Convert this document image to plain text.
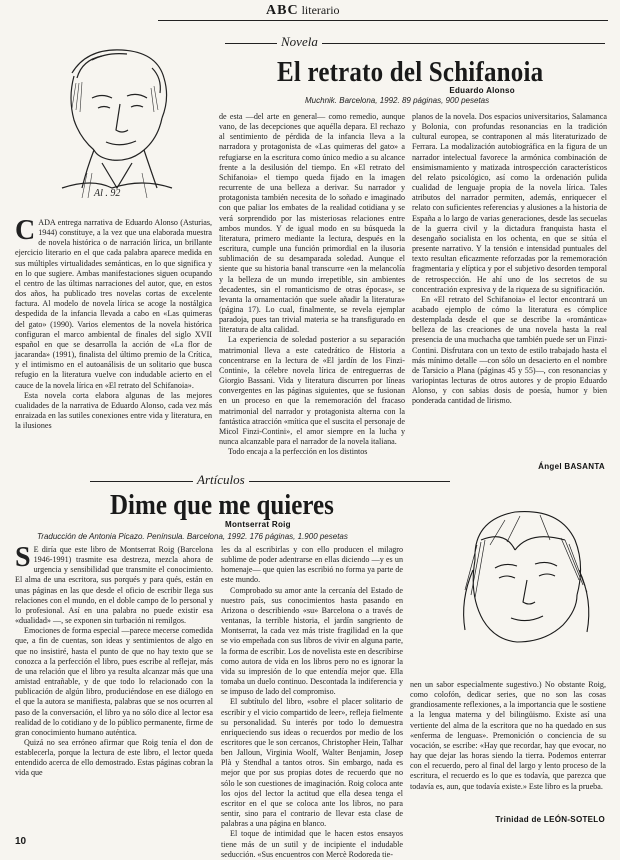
ABC literario
Novela
Al . 92
El retrato del Schifanoia
Eduardo Alonso
Muchnik. Barcelona, 1992. 89 páginas, 900 pesetas

CADA entrega narrativa de Eduardo Alonso (Asturias, 1944) constituye, a la vez que una elaborada muestra de novela histórica o de narración lírica, un brillante ejercicio literario en el que cada palabra aparece medida en sus múltiples virtualidades semánticas, en lo que significa y en lo que sugiere. Ambas manifestaciones siguen ocupando el centro de las últimas narraciones del autor, que, en estos dos años, ha publicado tres novelas cortas de excelente factura. Al modelo de novela lírica se acoge la nostálgica despedida de la infancia llevada a cabo en «Las quimeras del gato» (1990). Varios elementos de la novela histórica configuran el marco ambiental de finales del siglo XVII español en que se desarrolla la acción de «La flor de jacaranda» (1991), finalista del último premio de la Crítica, y el intimismo en el autoanálisis de un solitario que busca refugio en la literatura vuelve con indudable acierto en el cauce de la novela lírica en «El retrato del Schifanoia».

Esta novela corta elabora algunas de las mejores cualidades de la narrativa de Eduardo Alonso, cada vez más enraizada en las sutiles conexiones entre vida y literatura, en la ilusiones

de esta —del arte en general— como remedio, aunque vano, de las decepciones que aquélla depara. El rechazo al sentimiento de pérdida de la infancia lleva a la narradora y protagonista de «Las quimeras del gato» a refugiarse en la escritura como único medio a su alcance frente a la desilusión del tiempo. En «El retrato del Schifanoia» el tiempo queda fijado en la imagen recurrente de una belleza a derivar. Su narrador y protagonista también necesita de lo soñado e imaginado con que paliar los embates de la realidad cotidiana y se verá sorprendido por las misteriosas relaciones entre ambos mundos. Y de igual modo en su búsqueda la literatura, primero mediante la lectura, después en la escritura, cumple una función primordial en la ilusoria sublimación de su desamparada soledad. Aunque el siente que su historia banal transcurre «en la melancolía y la belleza de un mundo irrepetible, sin ambientes decadentes, sin el romanticismo de otras épocas», se levanta la ornamentación que suele añadir la literatura» (página 17). Lo cual, finalmente, se revela ejemplar paradoja, pues tan trivial materia se ha transfigurado en literatura de alta calidad.

La experiencia de soledad posterior a su separación matrimonial lleva a este catedrático de Historia a concentrarse en la lectura de «El jardín de los Finzi-Contini», la célebre novela lírica de entreguerras de Giorgio Bassani. Vida y literatura discurren por líneas convergentes en las páginas siguientes, que se fusionan en un proceso en que la rememoración del fracaso matrimonial del narrador y protagonista alterna con la fantástica atracción «mítica que el suscita el personaje de Micol Finzi-Contini», el amor siempre en la lucha y nunca alcanzable para el narrador de la novela italiana.

Todo encaja a la perfección en los distintos

planos de la novela. Dos espacios universitarios, Salamanca y Bolonia, con profundas resonancias en la tradición cultural europea, se contraponen al más literaturizado de Ferrara. La modalización autobiográfica en la figura de un narrador intelectual favorece la armónica combinación de ensimismamiento y matizada introspección característicos del relato psicológico, así como la ordenación pulida cualidad de lenguaje propia de la novela lírica. Tales atributos del narrador permiten, además, enriquecer el relato con suficientes referencias y alusiones a la historia de España a lo largo de varias generaciones, desde las secuelas de la guerra civil y la dictadura franquista hasta el desengaño socialista en los ochenta, en que se sitúa el presente narrativo. Y la tensión e intensidad puntuales del texto resultan eficazmente reforzadas por la rememoración fragmentaria y elíptica y por el subjetivo desorden temporal de retrospección. He ahí uno de los secretos de su concentración expresiva y de la riqueza de su significación.

En «El retrato del Schifanoia» el lector encontrará un acabado ejemplo de cómo la literatura es cómplice destemplada desde el que se describe la «romántica» belleza de las creaciones de una novela hasta la real presencia de una muchacha que también puede ser un Finzi-Contini. Disfrutara con un texto de estilo trabajado hasta el más mínimo detalle —con sólo un desacierto en el nombre de Tarsicio a Plana (páginas 45 y 55)—, con resonancias y variopintas lecturas de otros autores y de propio Eduardo Alonso, y con sabias dosis de poesía, humor y bien ponderada cantidad de lirismo.

Ángel BASANTA
Artículos
Dime que me quieres
Montserrat Roig
Traducción de Antonia Picazo. Península. Barcelona, 1992. 176 páginas, 1.900 pesetas

S E diría que este libro de Montserrat Roig (Barcelona 1946-1991) trasmite esa destreza, mezcla ahora de urgencia y sensibilidad que transmite el conocimiento. El alma de una escritora, sus porqués y para qués, están en unas páginas en las que desde el oficio de escribir llega sus relaciones con el mundo, en el doble campo de lo personal y lo profesional. Así en una palabra no puede existir esa «dualidad» —, se exponen sin turbación ni remilgos.

Emociones de forma especial —parece mecerse comedida que, a fin de cuentas, son ideas y sentimientos de algo en que no insistiré, hasta el punto de que no hay texto que se conozca a la perfección el libro, pues escribe al reflejar, más de una relación que el libro ya resulta alcanzar más que una amistad entrañable, y de que todo lo relacionado con la publicación de algún libro, produciéndose en ese diálogo en el que la autora se manifiesta, palabras que se nos ocurren al paso de la conversación, el libro ya no sólo dice al lector esa realidad de lo cotidiano y de lo público permanente, firme de gran conocimiento humano auténtica.

Quizá no sea erróneo afirmar que Roig tenía el don de establecerla, porque la lectura de este libro, el lector queda entendido acerca de ello demostrado. Estas páginas cobran la vida que

les da al escribirlas y con ello producen el milagro sublime de poder adentrarse en ellas diciendo —y es un homenaje— que quien las escribió no forma ya parte de este mundo.

Comprobado su amor ante la cercanía del Estado de nuestro país, sus conocimientos hasta pasando en Arizona o describiendo «su» Barcelona o a través de ventanas, la terrible historia, el jardín sangriento de Montserrat, la cada vez más triste fragilidad en la que se vio empeñada con sus libros de vivir en alguna parte, la forma de escribir. Los de novelista este en describirse como autora de vida en los libros pero no es ignorar la vida su impresión de lo que entendía mejor que. Ella tomaba un duelo continuo. Descontada la indiferencia y se impuso de lado del compromiso.

El subtítulo del libro, «sobre el placer solitario de escribir y el vicio compartido de leer», refleja fielmente su personalidad. Su interés por todo lo demuestra enriqueciendo sus ideas o recuerdos por medio de los escritores que le son cercanos, Christopher Hein, Talhar ben Jalloun, Virginia Woolf, Walter Benjamin, Josep Plà y Stendhal a tantos otros. Sin embargo, nada es mejor que por sus propias dotes de recuerdo que no sólo le son cuestiones de imaginación. Roig coloca ante los ojos del lector la actitud que ella desea tenga el escritor en el que se coloca ante los libros, no para sentir, sino para el contrario de llevar esta clase de palabras a una página en blanco.

El toque de intimidad que le hacen estos ensayos tiene más de un sutil y de incipiente el indudable seducción. «Sus encuentros con Mercè Rodoreda tie-

nen un sabor especialmente sugestivo.) No obstante Roig, como colofón, dedicar series, que no son las cosas grandiosamente reflexiones, a la importancia que le sostiene a la lengua materna y del bilingüismo. Existe así una vertiente del alma de la escritora que no ha quedado en sus «enferma de lenguas». Premonición o conciencia de su vocación, se escribe: «Hay que recordar, hay que evocar, no hay que dejar las horas siendo la tierra. Podemos enterrar con el recuerdo, pero al final del largo y lento proceso de la escritura, el recuerdo es lo que es todavía, que parezca que todavía es, aun, que todavía existe.» Este libro es la prueba.

Trinidad de LEÓN-SOTELO
10
